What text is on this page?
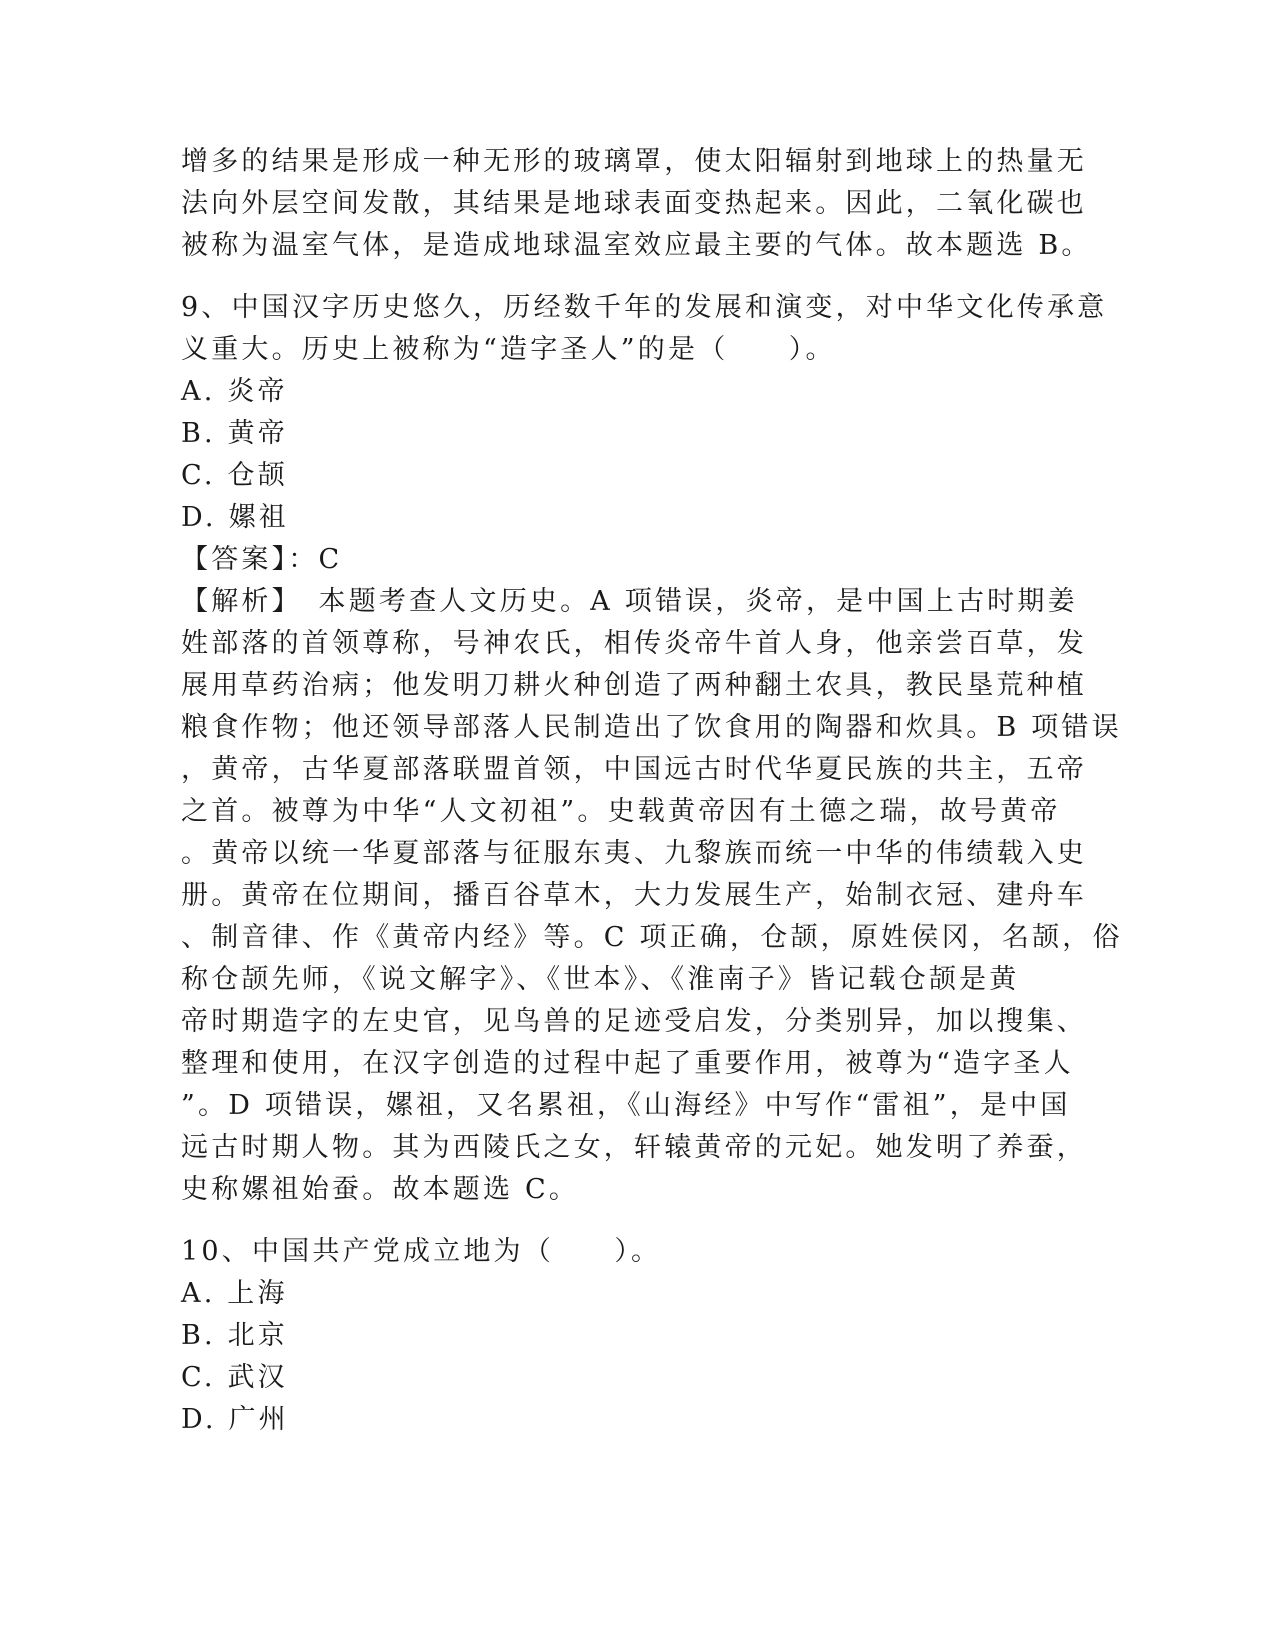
增多的结果是形成一种无形的玻璃罩，使太阳辐射到地球上的热量无
法向外层空间发散，其结果是地球表面变热起来。因此，二氧化碳也
被称为温室气体，是造成地球温室效应最主要的气体。故本题选 B。
9、中国汉字历史悠久，历经数千年的发展和演变，对中华文化传承意
义重大。历史上被称为“造字圣人”的是（　　）。
A. 炎帝
B. 黄帝
C. 仓颉
D. 嫘祖
【答案】：C
【解析】　本题考查人文历史。A 项错误，炎帝，是中国上古时期姜
姓部落的首领尊称，号神农氏，相传炎帝牛首人身，他亲尝百草，发
展用草药治病；他发明刀耕火种创造了两种翻土农具，教民垦荒种植
粮食作物；他还领导部落人民制造出了饮食用的陶器和炊具。B 项错误
，黄帝，古华夏部落联盟首领，中国远古时代华夏民族的共主，五帝
之首。被尊为中华“人文初祖”。史载黄帝因有土德之瑞，故号黄帝
。黄帝以统一华夏部落与征服东夷、九黎族而统一中华的伟绩载入史
册。黄帝在位期间，播百谷草木，大力发展生产，始制衣冠、建舟车
、制音律、作《黄帝内经》等。C 项正确，仓颉，原姓侯冈，名颉，俗
称仓颉先师，《说文解字》、《世本》、《淮南子》皆记载仓颉是黄
帝时期造字的左史官，见鸟兽的足迹受启发，分类别异，加以搜集、
整理和使用，在汉字创造的过程中起了重要作用，被尊为“造字圣人
”。D 项错误，嫘祖，又名累祖，《山海经》中写作“雷祖”，是中国
远古时期人物。其为西陵氏之女，轩辕黄帝的元妃。她发明了养蚕，
史称嫘祖始蚕。故本题选 C。
10、中国共产党成立地为（　　）。
A. 上海
B. 北京
C. 武汉
D. 广州
